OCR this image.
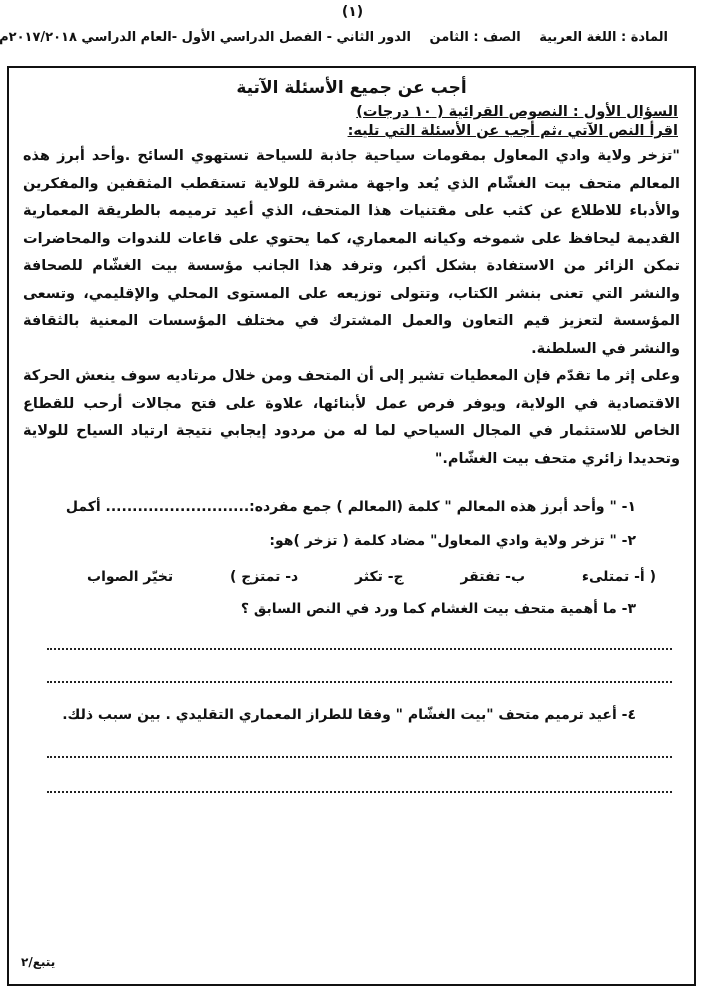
(١)
المادة : اللغة العربية الصف : الثامن الدور الثاني - الفصل الدراسي الأول -العام الدراسي ٢٠١٧/٢٠١٨م
أجب عن جميع الأسئلة الآتية
السؤال الأول : النصوص القرائية ( ١٠ درجات)
اقرأ النص الآتي ،ثم أجب عن الأسئلة التي تليه:

"تزخر ولاية وادي المعاول بمقومات سياحية جاذبة للسياحة تستهوي السائح .وأحد أبرز هذه المعالم متحف بيت الغشّام الذي يُعد واجهة مشرقة للولاية تستقطب المثقفين والمفكرين والأدباء للاطلاع عن كثب على مقتنيات هذا المتحف، الذي أعيد ترميمه بالطريقة المعمارية القديمة ليحافظ على شموخه وكيانه المعماري، كما يحتوي على قاعات للندوات والمحاضرات تمكن الزائر من الاستفادة بشكل أكبر، وترفد هذا الجانب مؤسسة بيت الغشّام للصحافة والنشر التي تعنى بنشر الكتاب، وتتولى توزيعه على المستوى المحلي والإقليمي، وتسعى المؤسسة لتعزيز قيم التعاون والعمل المشترك في مختلف المؤسسات المعنية بالثقافة والنشر في السلطنة.

وعلى إثر ما تقدّم فإن المعطيات تشير إلى أن المتحف ومن خلال مرتاديه سوف ينعش الحركة الاقتصادية في الولاية، ويوفر فرص عمل لأبنائها، علاوة على فتح مجالات أرحب للقطاع الخاص للاستثمار في المجال السياحي لما له من مردود إيجابي نتيجة ارتياد السياح للولاية وتحديدا زائري متحف بيت الغشّام."

١- " وأحد أبرز هذه المعالم " كلمة (المعالم ) جمع مفرده:........................... أكمل
٢- " تزخر ولاية وادي المعاول" مضاد كلمة ( تزخر )هو:
( أ- تمتلىء
ب- تفتقر
ج- تكثر
د- تمتزج )
تخيّر الصواب
٣- ما أهمية متحف بيت الغشام كما ورد في النص السابق ؟
٤- أعيد ترميم متحف "بيت الغشّام " وفقا للطراز المعماري التقليدي . بين سبب ذلك.
يتبع/٢
